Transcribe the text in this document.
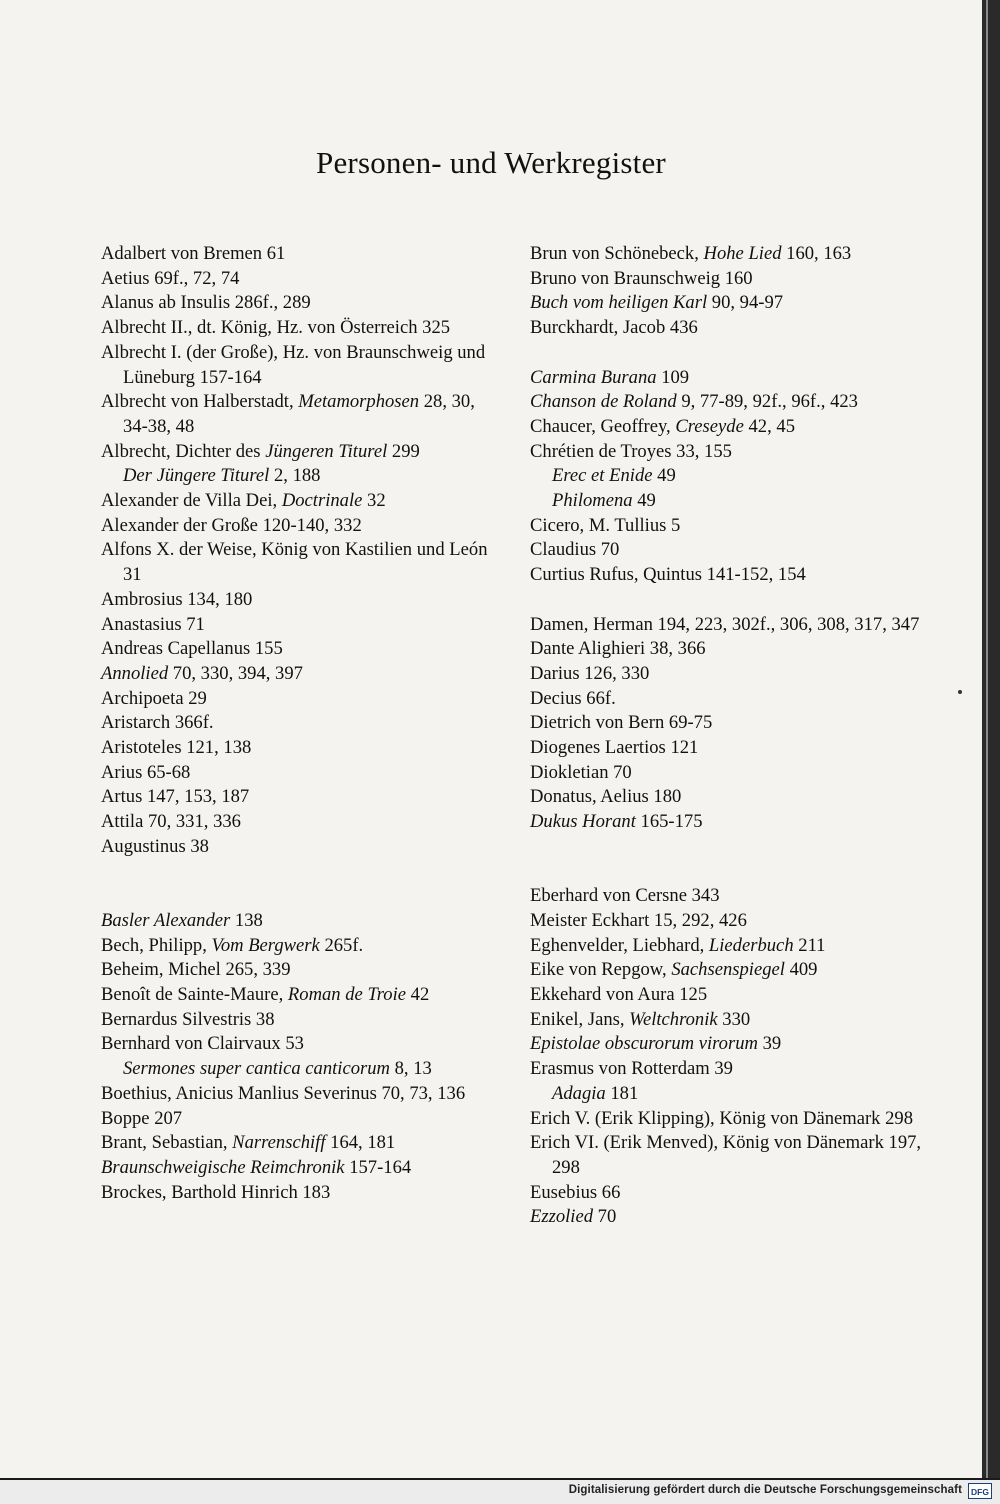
Personen- und Werkregister
Adalbert von Bremen 61
Aetius 69f., 72, 74
Alanus ab Insulis 286f., 289
Albrecht II., dt. König, Hz. von Österreich 325
Albrecht I. (der Große), Hz. von Braunschweig und Lüneburg 157-164
Albrecht von Halberstadt, Metamorphosen 28, 30, 34-38, 48
Albrecht, Dichter des Jüngeren Titurel 299
Der Jüngere Titurel 2, 188
Alexander de Villa Dei, Doctrinale 32
Alexander der Große 120-140, 332
Alfons X. der Weise, König von Kastilien und León 31
Ambrosius 134, 180
Anastasius 71
Andreas Capellanus 155
Annolied 70, 330, 394, 397
Archipoeta 29
Aristarch 366f.
Aristoteles 121, 138
Arius 65-68
Artus 147, 153, 187
Attila 70, 331, 336
Augustinus 38
Basler Alexander 138
Bech, Philipp, Vom Bergwerk 265f.
Beheim, Michel 265, 339
Benoît de Sainte-Maure, Roman de Troie 42
Bernardus Silvestris 38
Bernhard von Clairvaux 53
Sermones super cantica canticorum 8, 13
Boethius, Anicius Manlius Severinus 70, 73, 136
Boppe 207
Brant, Sebastian, Narrenschiff 164, 181
Braunschweigische Reimchronik 157-164
Brockes, Barthold Hinrich 183
Brun von Schönebeck, Hohe Lied 160, 163
Bruno von Braunschweig 160
Buch vom heiligen Karl 90, 94-97
Burckhardt, Jacob 436
Carmina Burana 109
Chanson de Roland 9, 77-89, 92f., 96f., 423
Chaucer, Geoffrey, Creseyde 42, 45
Chrétien de Troyes 33, 155
Erec et Enide 49
Philomena 49
Cicero, M. Tullius 5
Claudius 70
Curtius Rufus, Quintus 141-152, 154
Damen, Herman 194, 223, 302f., 306, 308, 317, 347
Dante Alighieri 38, 366
Darius 126, 330
Decius 66f.
Dietrich von Bern 69-75
Diogenes Laertios 121
Diokletian 70
Donatus, Aelius 180
Dukus Horant 165-175
Eberhard von Cersne 343
Meister Eckhart 15, 292, 426
Eghenvelder, Liebhard, Liederbuch 211
Eike von Repgow, Sachsenspiegel 409
Ekkehard von Aura 125
Enikel, Jans, Weltchronik 330
Epistolae obscurorum virorum 39
Erasmus von Rotterdam 39
Adagia 181
Erich V. (Erik Klipping), König von Dänemark 298
Erich VI. (Erik Menved), König von Dänemark 197, 298
Eusebius 66
Ezzolied 70
Digitalisierung gefördert durch die Deutsche Forschungsgemeinschaft	DFG
